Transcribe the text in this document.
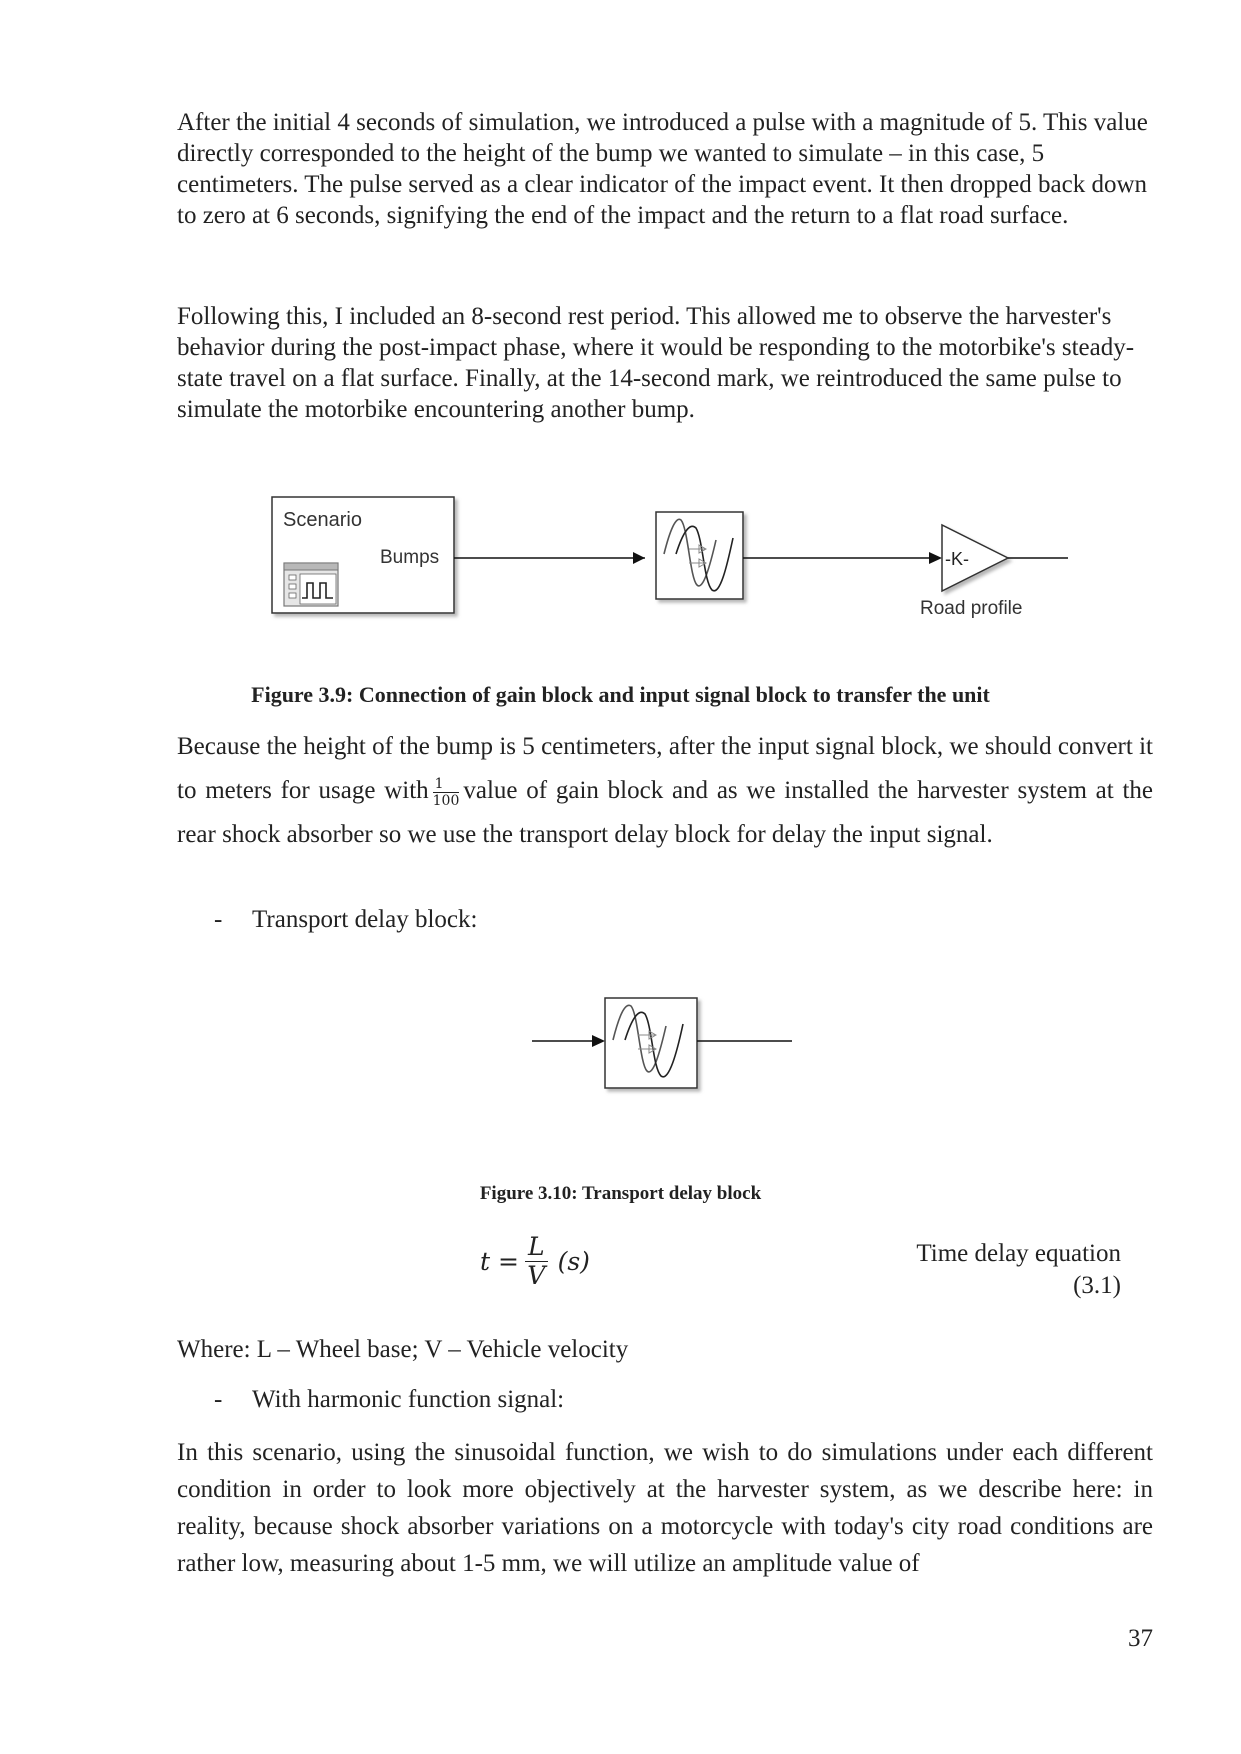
After the initial 4 seconds of simulation, we introduced a pulse with a magnitude of 5. This value directly corresponded to the height of the bump we wanted to simulate – in this case, 5 centimeters. The pulse served as a clear indicator of the impact event. It then dropped back down to zero at 6 seconds, signifying the end of the impact and the return to a flat road surface.

Following this, I included an 8-second rest period. This allowed me to observe the harvester's behavior during the post-impact phase, where it would be responding to the motorbike's steady-state travel on a flat surface. Finally, at the 14-second mark, we reintroduced the same pulse to simulate the motorbike encountering another bump.

Scenario
Bumps	-K-
Road profile
Figure 3.9: Connection of gain block and input signal block to transfer the unit

Because the height of the bump is 5 centimeters, after the input signal block, we should convert it to meters for usage with $\frac{1}{100}$ value of gain block and as we installed the harvester system at the rear shock absorber so we use the transport delay block for delay the input signal.

- Transport delay block:
Figure 3.10: Transport delay block
$t = \frac{L}{V} (s)$	Time delay equation
(3.1)

Where: L – Wheel base; V – Vehicle velocity

- With harmonic function signal:

In this scenario, using the sinusoidal function, we wish to do simulations under each different condition in order to look more objectively at the harvester system, as we describe here: in reality, because shock absorber variations on a motorcycle with today's city road conditions are rather low, measuring about 1-5 mm, we will utilize an amplitude value of

37
